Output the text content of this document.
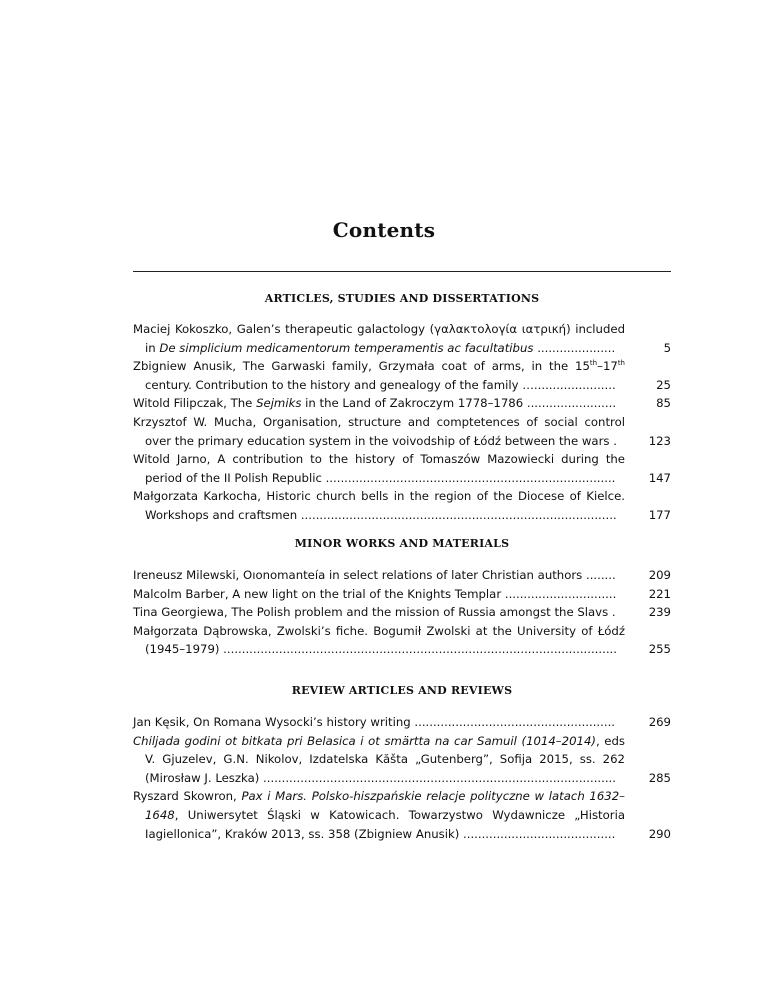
Contents
ARTICLES, STUDIES AND DISSERTATIONS
Maciej Kokoszko, Galen’s therapeutic galactology (γαλακτολογία ιατρική) included in De simplicium medicamentorum temperamentis ac facultatibus .....................	5
Zbigniew Anusik, The Garwaski family, Grzymała coat of arms, in the 15th–17th century. Contribution to the history and genealogy of the family …......................	25
Witold Filipczak, The Sejmiks in the Land of Zakroczym 1778–1786 ........................	85
Krzysztof W. Mucha, Organisation, structure and comptetences of social control over the primary education system in the voivodship of Łódź between the wars .	123
Witold Jarno, A contribution to the history of Tomaszów Mazowiecki during the period of the II Polish Republic ..............................................................................	147
Małgorzata Karkocha, Historic church bells in the region of the Diocese of Kielce. Workshops and craftsmen .....................................................................................	177
MINOR WORKS AND MATERIALS
Ireneusz Milewski, Oıonomanteía in select relations of later Christian authors ........	209
Malcolm Barber, A new light on the trial of the Knights Templar ..............................	221
Tina Georgiewa, The Polish problem and the mission of Russia amongst the Slavs .	239
Małgorzata Dąbrowska, Zwolski’s fiche. Bogumił Zwolski at the University of Łódź (1945–1979) ..........................................................................................................	255
REVIEW ARTICLES AND REVIEWS
Jan Kęsik, On Romana Wysocki’s history writing ......................................................	269
Chiljada godini ot bitkata pri Belasica i ot smärtta na car Samuil (1014–2014), eds V. Gjuzelev, G.N. Nikolov, Izdatelska Kăšta „Gutenberg”, Sofija 2015, ss. 262 (Mirosław J. Leszka) ...............................................................................................	285
Ryszard Skowron, Pax i Mars. Polsko-hiszpańskie relacje polityczne w latach 1632–1648, Uniwersytet Śląski w Katowicach. Towarzystwo Wydawnicze „Historia Iagiellonica”, Kraków 2013, ss. 358 (Zbigniew Anusik) .........................................	290
